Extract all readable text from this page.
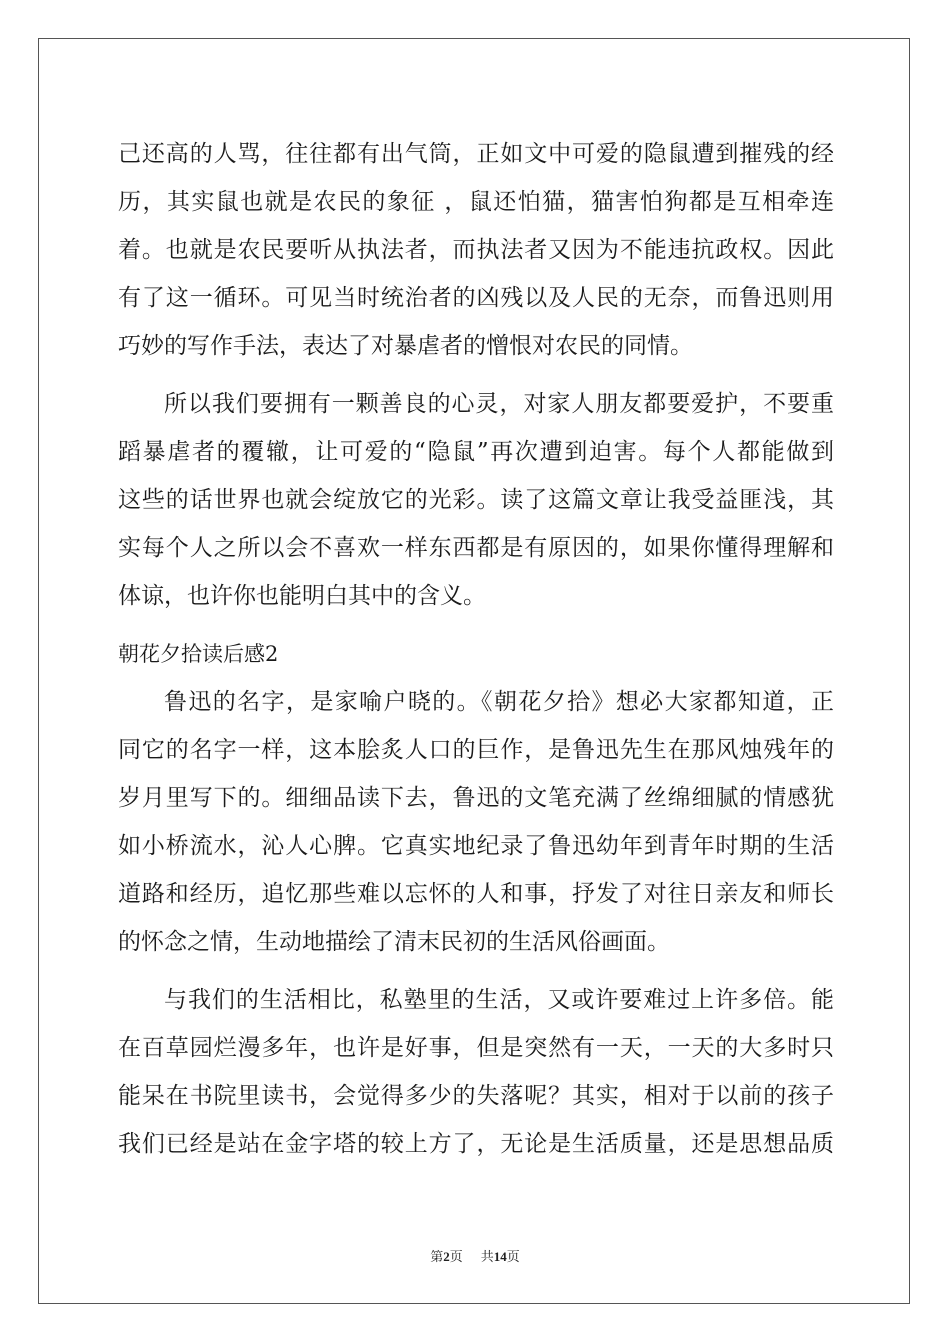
己还高的人骂，往往都有出气筒，正如文中可爱的隐鼠遭到摧残的经
历，其实鼠也就是农民的象征 ，鼠还怕猫，猫害怕狗都是互相牵连
着。也就是农民要听从执法者，而执法者又因为不能违抗政权。因此
有了这一循环。可见当时统治者的凶残以及人民的无奈，而鲁迅则用
巧妙的写作手法，表达了对暴虐者的憎恨对农民的同情。
所以我们要拥有一颗善良的心灵，对家人朋友都要爱护，不要重
蹈暴虐者的覆辙，让可爱的“隐鼠”再次遭到迫害。每个人都能做到
这些的话世界也就会绽放它的光彩。读了这篇文章让我受益匪浅，其
实每个人之所以会不喜欢一样东西都是有原因的，如果你懂得理解和
体谅，也许你也能明白其中的含义。
朝花夕拾读后感2
鲁迅的名字，是家喻户晓的。《朝花夕拾》想必大家都知道，正
同它的名字一样，这本脍炙人口的巨作，是鲁迅先生在那风烛残年的
岁月里写下的。细细品读下去，鲁迅的文笔充满了丝绵细腻的情感犹
如小桥流水，沁人心脾。它真实地纪录了鲁迅幼年到青年时期的生活
道路和经历，追忆那些难以忘怀的人和事，抒发了对往日亲友和师长
的怀念之情，生动地描绘了清末民初的生活风俗画面。
与我们的生活相比，私塾里的生活，又或许要难过上许多倍。能
在百草园烂漫多年，也许是好事，但是突然有一天，一天的大多时只
能呆在书院里读书，会觉得多少的失落呢？其实，相对于以前的孩子
我们已经是站在金字塔的较上方了，无论是生活质量，还是思想品质
第2页 共14页
